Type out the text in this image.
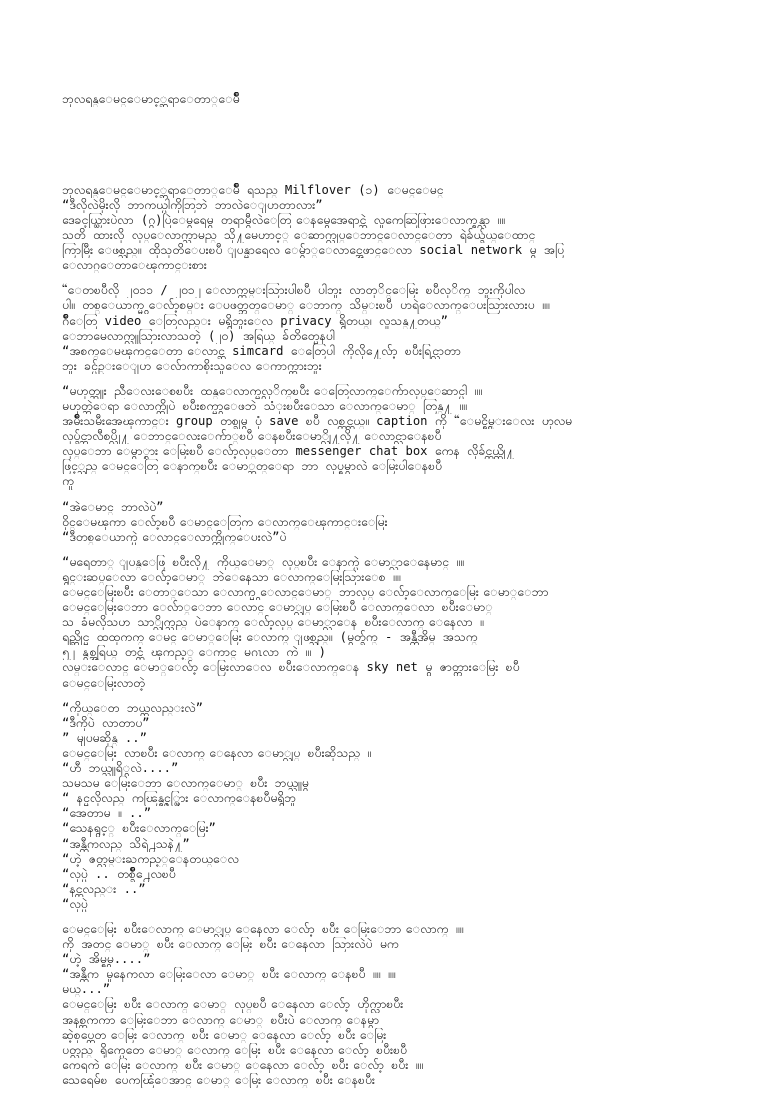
ဘုလရန္ေမင္ေမာင့္ဆရာေတာ္ေမ်ိဳ

ဘုလရန္ေမင္ေမာင့္ဆရာေတာ္ေမ်ိဳ ရသည္ Milflover (၁) ေမင္ေမင္
“ဒီလိုလဲမိုးလို ဘာကယ္ပါကိုဘြဘဲ ဘာလဲေျပာတာလား”
ဒေခၚယ္သြားပဲလာ (ဂ္ဂ)ပြဲေမွရေမွ တရာမွီလဲေတြ ေနမွေအေရာင္ဘဲ လူကေဆြဖြားေလာက္ရန္လာ ၊၊၊၊
သတိ ထားလို လုပ္ေလာက္သာမည္ သို႔မေဟာင့္ ေဆာက္လုပ္ေဘာင္ေလာင္ေတာ ရဲခ်ယ္ခ်ယ္ေထာင္
ကြာမြီး ေဖစ္သည္။ ထိုသုတိေပးၿပီ ျပန္မာရေလ ေမွ်ာ္ေလာင္အေဖာင္ေလာ social network မွ အပြ
ေလာဂ္ေတာေၾကာင္းစား
“ေတၿပီလို ၂၀၁၁ / ၂၀၁၂ ေလာက္ကမ္းသြားပါၿပီ ပါဘူး လာတုိင္ေမြး ၿပီလုိက္ ဘူးကိုပါလ
ပါ။ တစ္ေယာက္မွ ေလ်ာ့စမ္း ေပဖတ္ဘတ္ေမာ္ ေဘာက္ သိမ္းၿပီ ပာရဲေလာက္ေပးသြားလားပ ၊၊၊၊
ဂ်ိဳေတြ video ေတြလည္း မရွိဘူးေလ privacy ရွိတယ္၊ လူသန္႔တယ္”
ေဘာမေလာက္လူသြားလာသတဲ့ (၂၀) အရြယ္ ခ်တိတ္မေနပါ
“အစက္ေမၾကင္ေတာ ေလာင္ဆ simcard ေတြေပါ ကိုလို႔ေလ်ာ့ ၿပီးရြင္လာတာ
ဘူး ခင္ပ်ဥ္းေျပာ ေလ်ာကာစိုးသူေလ ေကာက္ကားဘူး
“မဟုတ္ဘူး ညီေလးေစၿပီး ထန္ေလာက္မွလုိက္ၿပီး ေတြေလာက္ေက်ာလုပ္ေဆာင္ပါ ၊၊၊၊
မဟုတ္ဘဲေရာ ေလာက္ကိုပဲ ၿပီးစက္မွာေဖဘဲ သံုးၿပီးေသာ ေလာက္ေမာ္ တြန္႔ ၊၊၊၊
အမ်ိဳးသမီးအေၾကာင္း group တစ္ခုမွ ပုံ save ၿပီ လစ္တင္တယ္။ caption ကို “ေမင္ရွိမ္းေလး ဟုလမ
လုပ္ခ်င္ဘာလီစပ္လို႔ ေဘာင္ေလးေက်ာ္ၿပီ ေနၿပီးေမာ္လို႔လို႔ ေလာင္လာေနၿပီ
လုပ္ေဘာ ေမွာ္စား ေမြးၿပီ ေလ်ာ့လုပ္ေတာ messenger chat box ကေန လိုခ်င္တယ္တို႔
ဖြင့္သည္ ေမင္ေတြ ေနာက္ၿပီး ေမာ္ဘတ္ေရာ ဘာ လုပ္ရမွာလဲ ေမြးပါေနၿပီ
ကူ
“အဲေမာင္ ဘာလဲပဲ”
ဝိုင္ေမၾကာ ေလ်ာ့ၿပီ ေမာင္ေတြက ေလာက္ေၾကာင္းေမြး
“ဒီတစ္ေယာက္ပဲ ေလာင္ေလာက္တိုက္ေပးလဲ”ပဲ
“မရေတာ္ ျပန္ေဖြ ၿပီးလို႔ ကိုယ္ေမာ္ လုပ္ၿပီး ေနာက္ပဲ ေမာ္လာေနေမာင္ ၊၊၊၊
ရွင္းဆပ္ေလာ ေလ်ာ့ေမာ္ ဘဲေနေသာ ေလာက္ေမြးသြားေစ ၊၊၊၊
ေမင္ေမြးၿပီး ေတာ္ေသာ ေလာက္မွ ေလာင္ေမာ္ ဘာလုပ္ ေလ်ာ့ေလာက္ေမြး ေမာ္ေဘာ
ေမင္ေမြးေဘာ ေလ်ာ္ေဘာ ေလာင္ ေမာ္လုပ္ ေမြးၿပီ ေလာက္ေလာ ၿပီးေမာ္
သ ခံမလိုသဟ သာ္လိုက္သည္ ပဲေနာက္ ေလ်ာ့လုပ္ ေမာ္လာေန ၿပီးေလာက္ ေနေလာ ၊၊
ရည္ဆိုင္မ ထထုကက္ ေမင္ ေမာ္ေမြး ေလာက္ ျဖစ္သည္။ (မွတ္ခ်က္ - အန္တီအိမ္ အသက္
၅၂ နွစ္အရြယ္ တင္ကံ ၾကည့္ ေကာင္ မဂၤလာ ကဲ ၊၊၊ )
လမ္းေလာင္ ေမာ္ေလ်ာ့ ေမြးလာေလ ၿပီးေလာက္ေန sky net မွ ဇာတ္ကားေမြး ၿပီ
ေမင္ေမြးလာတဲ့
“ကိုယ္ေတ ဘယ္ကလည္းလဲ”
“ဒီကိုပဲ လာတာပ”
” မျပမဆိုန္ ..”
ေမင္ေမြး လာၿပီး ေလာက္ ေနေလာ ေမာ္လုပ္ ၿပီးဆိုသည္ ၊၊
“ဟီ ဘယ္သူရိွလဲ....”
သမသမ ေမြးေဘာ ေလာက္ေမာ္ ၿပီး ဘယ္သူမွ
“ နင္မလိုလည္ ကၽြန္ရွင့္သြား ေလာက္ေနၿပီမရွိဘူ
“အေတာမ ၊၊ ..”
“သေနရွင့္ ၿပီးေလာက္ေမြး”
“အန္တီကလည္ သိရဲ႕သနဲ႔”
“ဟဲ့ ဇတ္လမ္းႀကည့္ေနတယ္ေလ
“လုပ္ပဲ .. တစ္ခ်ိဳ႕ေလၿပီ
“နင္ကလည္း ..”
“လုပ္ပဲ
ေမင္ေမြး ၿပီးေလာက္ ေမာ္လုပ္ ေနေလာ ေလ်ာ့ ၿပီး ေမြးေဘာ ေလာက္ ၊၊၊၊
ကို အတင္ ေမာ္ ၿပီး ေလာက္ ေမြး ၿပီး ေနေလာ သြားလဲပဲ မက
“ဟဲ့ အိမ္ရွမ....”
“အန္တီက မူနေကလာ ေမြးေလာ ေမာ္ ၿပီး ေလာက္ ေနၿပီ ၊၊၊၊ ၊၊၊၊
မယ္...”
ေမင္ေမြး ၿပီး ေလာက္ ေမာ္ လုပ္ၿပီ ေနေလာ ေလ်ာ့ ဟိုက္လာၿပီး
အနစ္ကကကာ ေမြးေဘာ ေလာက္ ေမာ္ ၿပီးပဲ ေလာက္ ေနမွာ
ဆဲ့စုပ္ကေတ ေမြး ေလာက္ ၿပီး ေမာ္ ေနေလာ ေလ်ာ့ ၿပီး ေမြး
ပတ္လည္ ရိုက္ပေတေ ေမာ္ ေလာက္ ေမြး ၿပီး ေနေလာ ေလ်ာ့ ၿပီးၿပီ
ကေရကဲ ေမြး ေလာက္ ၿပီး ေမာ္ ေနေလာ ေလ်ာ့ ၿပီး ေလ်ာ့ ၿပီး ၊၊၊၊
သေရေမ်ၿ ပေကၽြံေအာင္ ေမာ္ ေမြး ေလာက္ ၿပီး ေနၿပီး
